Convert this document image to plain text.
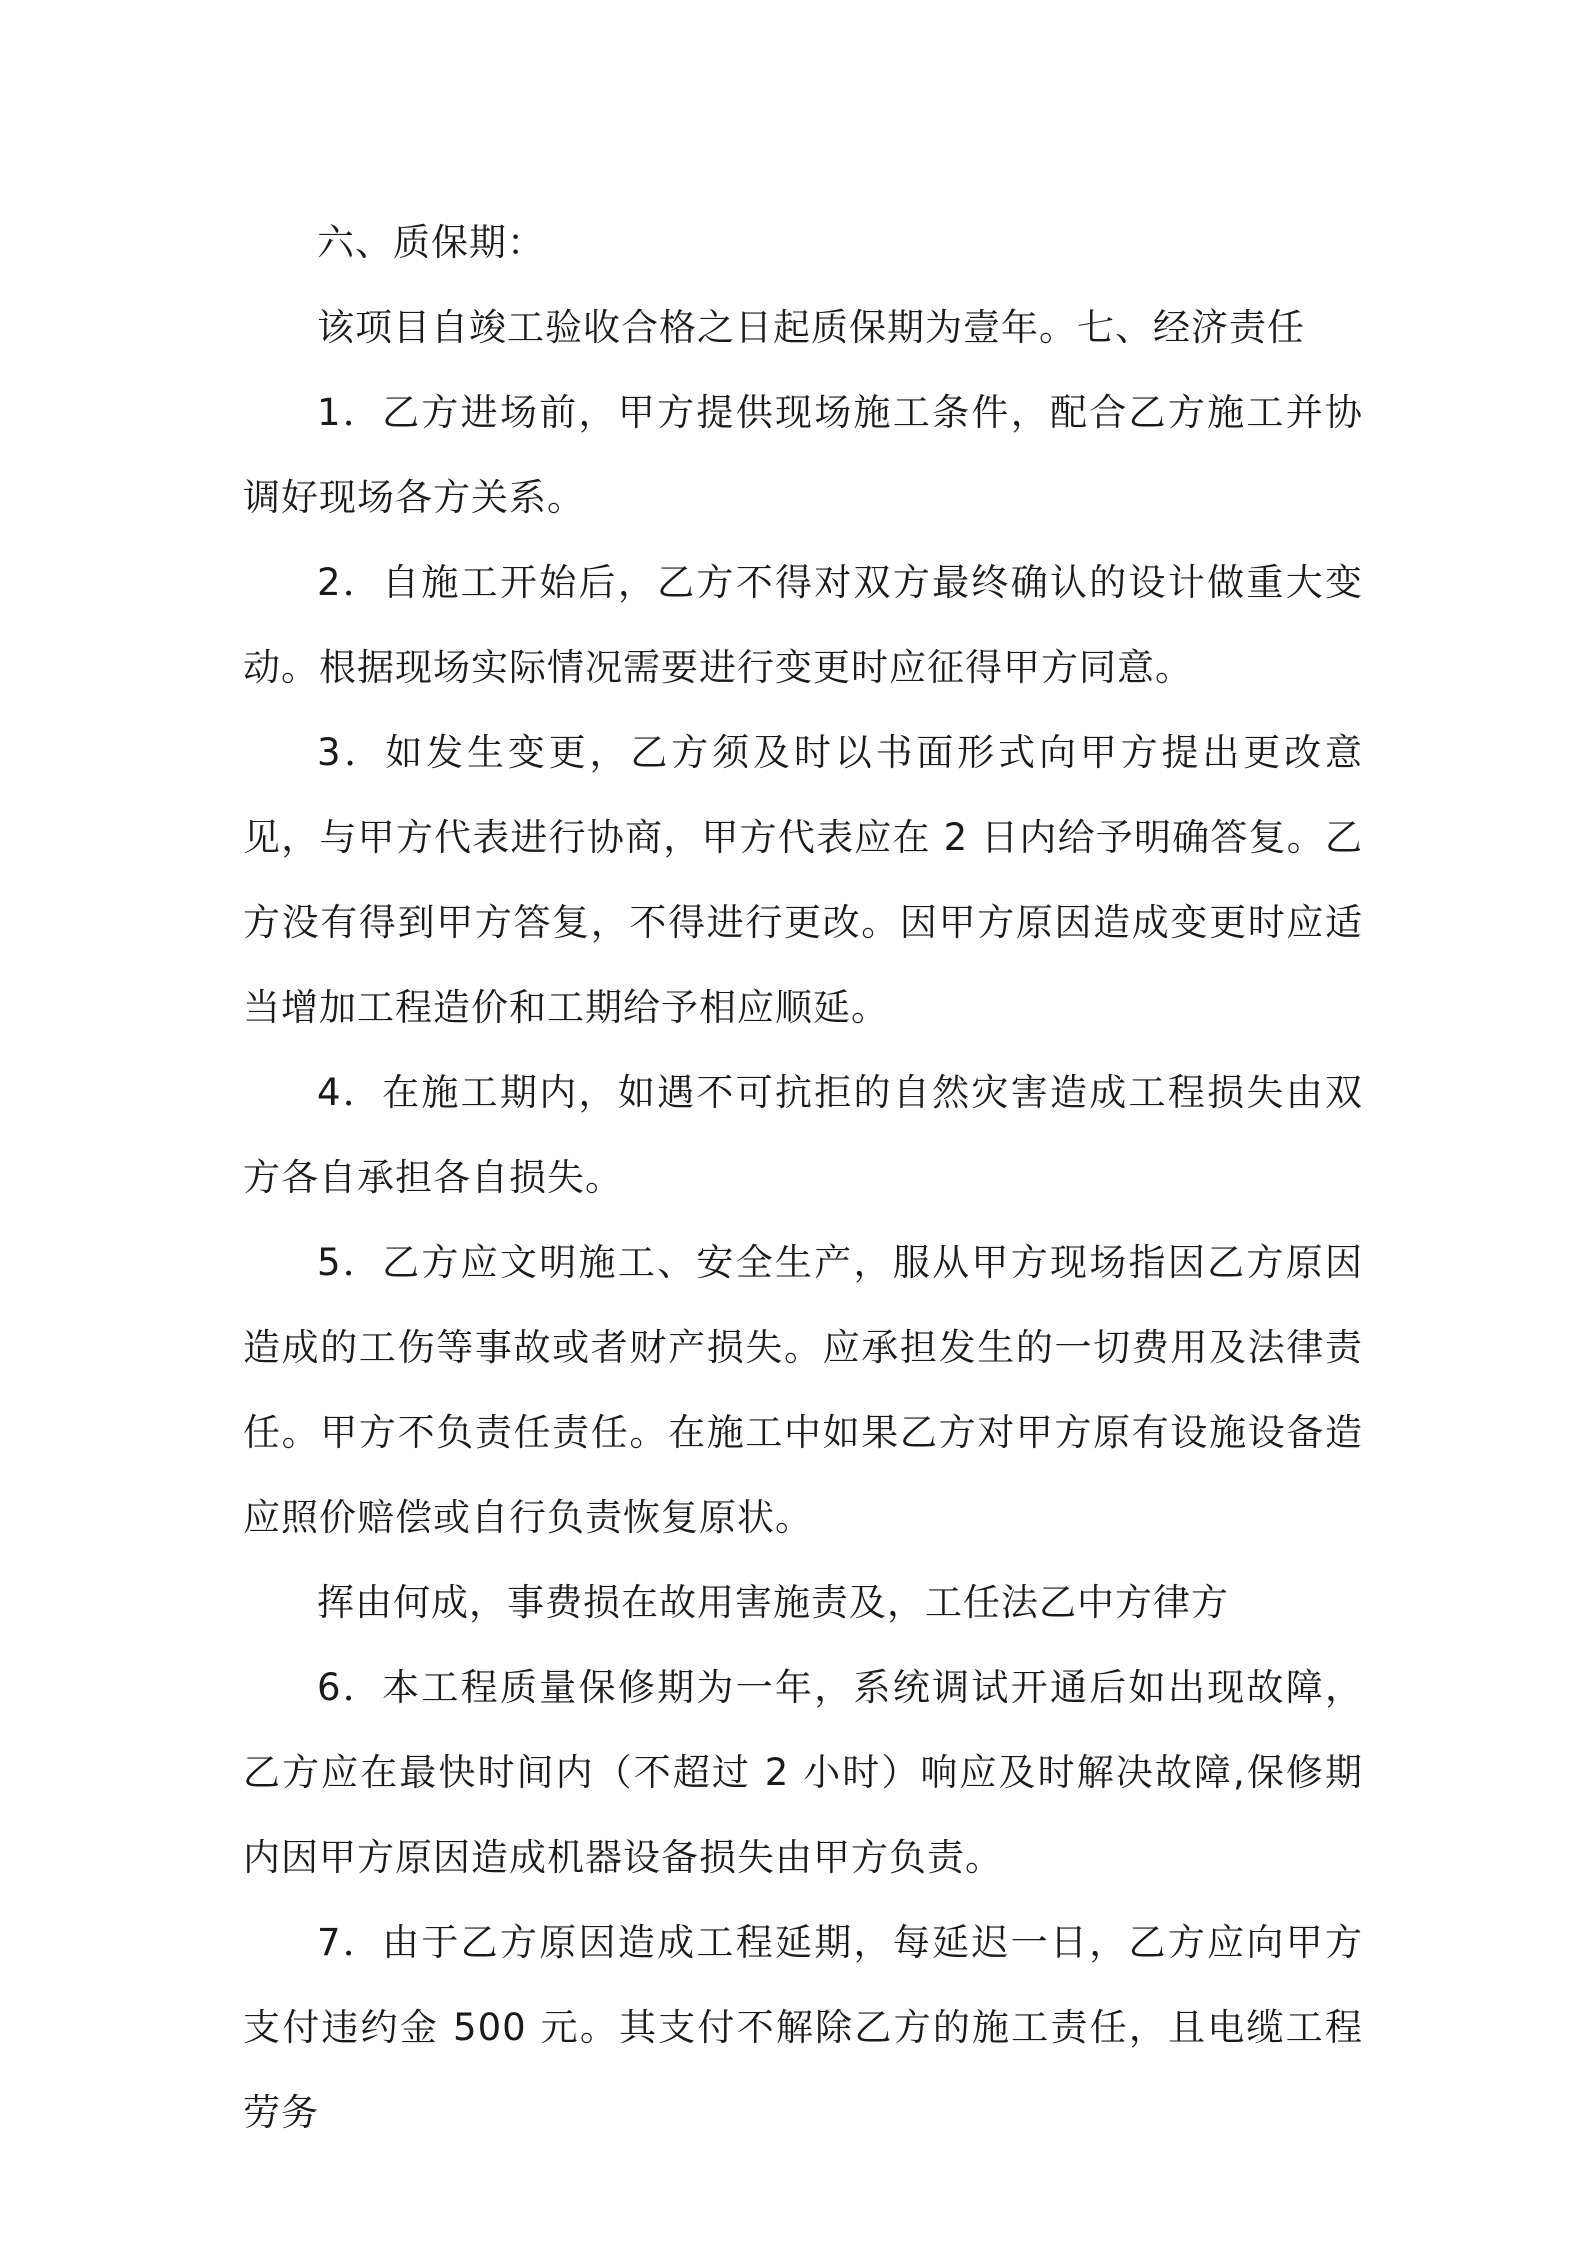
六、质保期：

该项目自竣工验收合格之日起质保期为壹年。七、经济责任

1．乙方进场前，甲方提供现场施工条件，配合乙方施工并协调好现场各方关系。

2．自施工开始后，乙方不得对双方最终确认的设计做重大变动。根据现场实际情况需要进行变更时应征得甲方同意。

3．如发生变更，乙方须及时以书面形式向甲方提出更改意见，与甲方代表进行协商，甲方代表应在 2 日内给予明确答复。乙方没有得到甲方答复，不得进行更改。因甲方原因造成变更时应适当增加工程造价和工期给予相应顺延。

4．在施工期内，如遇不可抗拒的自然灾害造成工程损失由双方各自承担各自损失。

5．乙方应文明施工、安全生产，服从甲方现场指因乙方原因造成的工伤等事故或者财产损失。应承担发生的一切费用及法律责任。甲方不负责任责任。在施工中如果乙方对甲方原有设施设备造应照价赔偿或自行负责恢复原状。

挥由何成，事费损在故用害施责及，工任法乙中方律方

6．本工程质量保修期为一年，系统调试开通后如出现故障，乙方应在最快时间内（不超过 2 小时）响应及时解决故障,保修期内因甲方原因造成机器设备损失由甲方负责。

7．由于乙方原因造成工程延期，每延迟一日，乙方应向甲方支付违约金 500 元。其支付不解除乙方的施工责任，且电缆工程劳务
